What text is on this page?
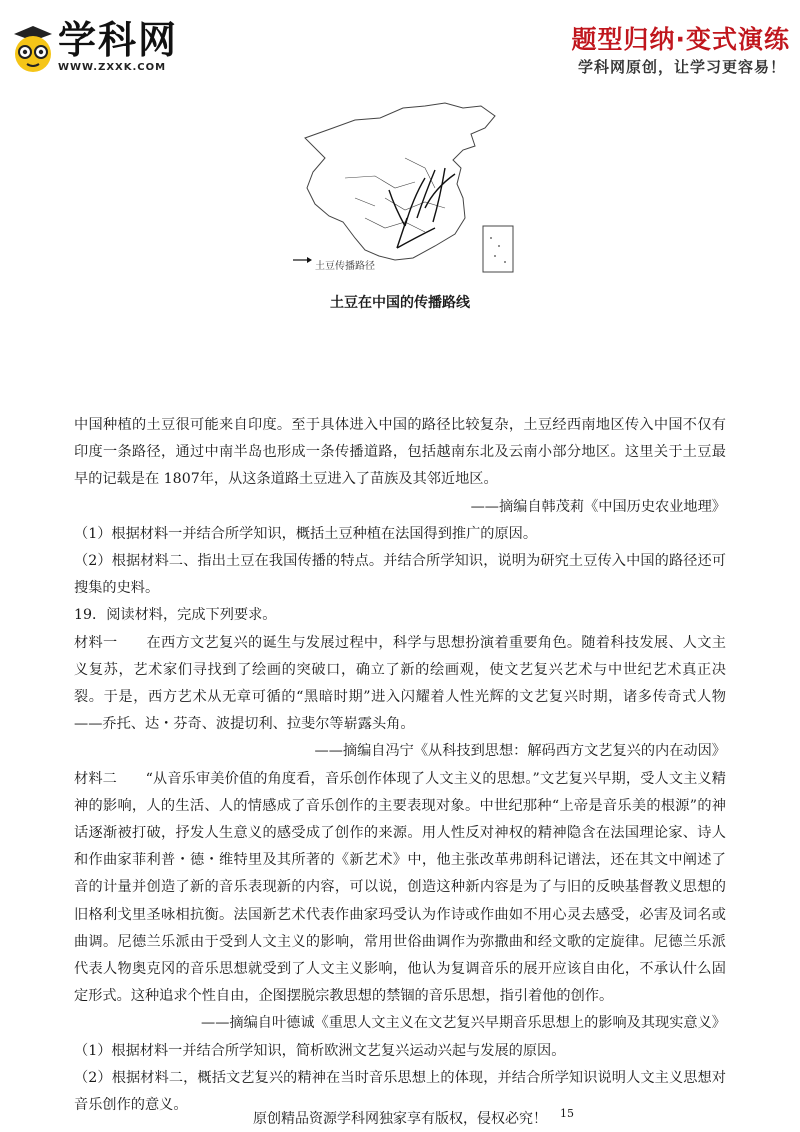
学科网
WWW.ZXXK.COM
题型归纳·变式演练
学科网原创，让学习更容易！
土豆传播路径
土豆在中国的传播路线

中国种植的土豆很可能来自印度。至于具体进入中国的路径比较复杂，土豆经西南地区传入中国不仅有印度一条路径，通过中南半岛也形成一条传播道路，包括越南东北及云南小部分地区。这里关于土豆最早的记载是在 1807年，从这条道路土豆进入了苗族及其邻近地区。

——摘编自韩茂莉《中国历史农业地理》

（1）根据材料一并结合所学知识，概括土豆种植在法国得到推广的原因。

（2）根据材料二、指出土豆在我国传播的特点。并结合所学知识，说明为研究土豆传入中国的路径还可搜集的史料。

19．阅读材料，完成下列要求。

材料一　　在西方文艺复兴的诞生与发展过程中，科学与思想扮演着重要角色。随着科技发展、人文主义复苏，艺术家们寻找到了绘画的突破口，确立了新的绘画观，使文艺复兴艺术与中世纪艺术真正决裂。于是，西方艺术从无章可循的“黑暗时期”进入闪耀着人性光辉的文艺复兴时期，诸多传奇式人物——乔托、达・芬奇、波提切利、拉斐尔等崭露头角。

——摘编自冯宁《从科技到思想：解码西方文艺复兴的内在动因》

材料二　　“从音乐审美价值的角度看，音乐创作体现了人文主义的思想。”文艺复兴早期，受人文主义精神的影响，人的生活、人的情感成了音乐创作的主要表现对象。中世纪那种“上帝是音乐美的根源”的神话逐渐被打破，抒发人生意义的感受成了创作的来源。用人性反对神权的精神隐含在法国理论家、诗人和作曲家菲利普・德・维特里及其所著的《新艺术》中，他主张改革弗朗科记谱法，还在其文中阐述了音的计量并创造了新的音乐表现新的内容，可以说，创造这种新内容是为了与旧的反映基督教义思想的旧格利戈里圣咏相抗衡。法国新艺术代表作曲家玛受认为作诗或作曲如不用心灵去感受，必害及词名或曲调。尼德兰乐派由于受到人文主义的影响，常用世俗曲调作为弥撒曲和经文歌的定旋律。尼德兰乐派代表人物奥克冈的音乐思想就受到了人文主义影响，他认为复调音乐的展开应该自由化，不承认什么固定形式。这种追求个性自由，企图摆脱宗教思想的禁锢的音乐思想，指引着他的创作。

——摘编自叶德诚《重思人文主义在文艺复兴早期音乐思想上的影响及其现实意义》

（1）根据材料一并结合所学知识，简析欧洲文艺复兴运动兴起与发展的原因。

（2）根据材料二，概括文艺复兴的精神在当时音乐思想上的体现，并结合所学知识说明人文主义思想对音乐创作的意义。

原创精品资源学科网独家享有版权，侵权必究！	15
